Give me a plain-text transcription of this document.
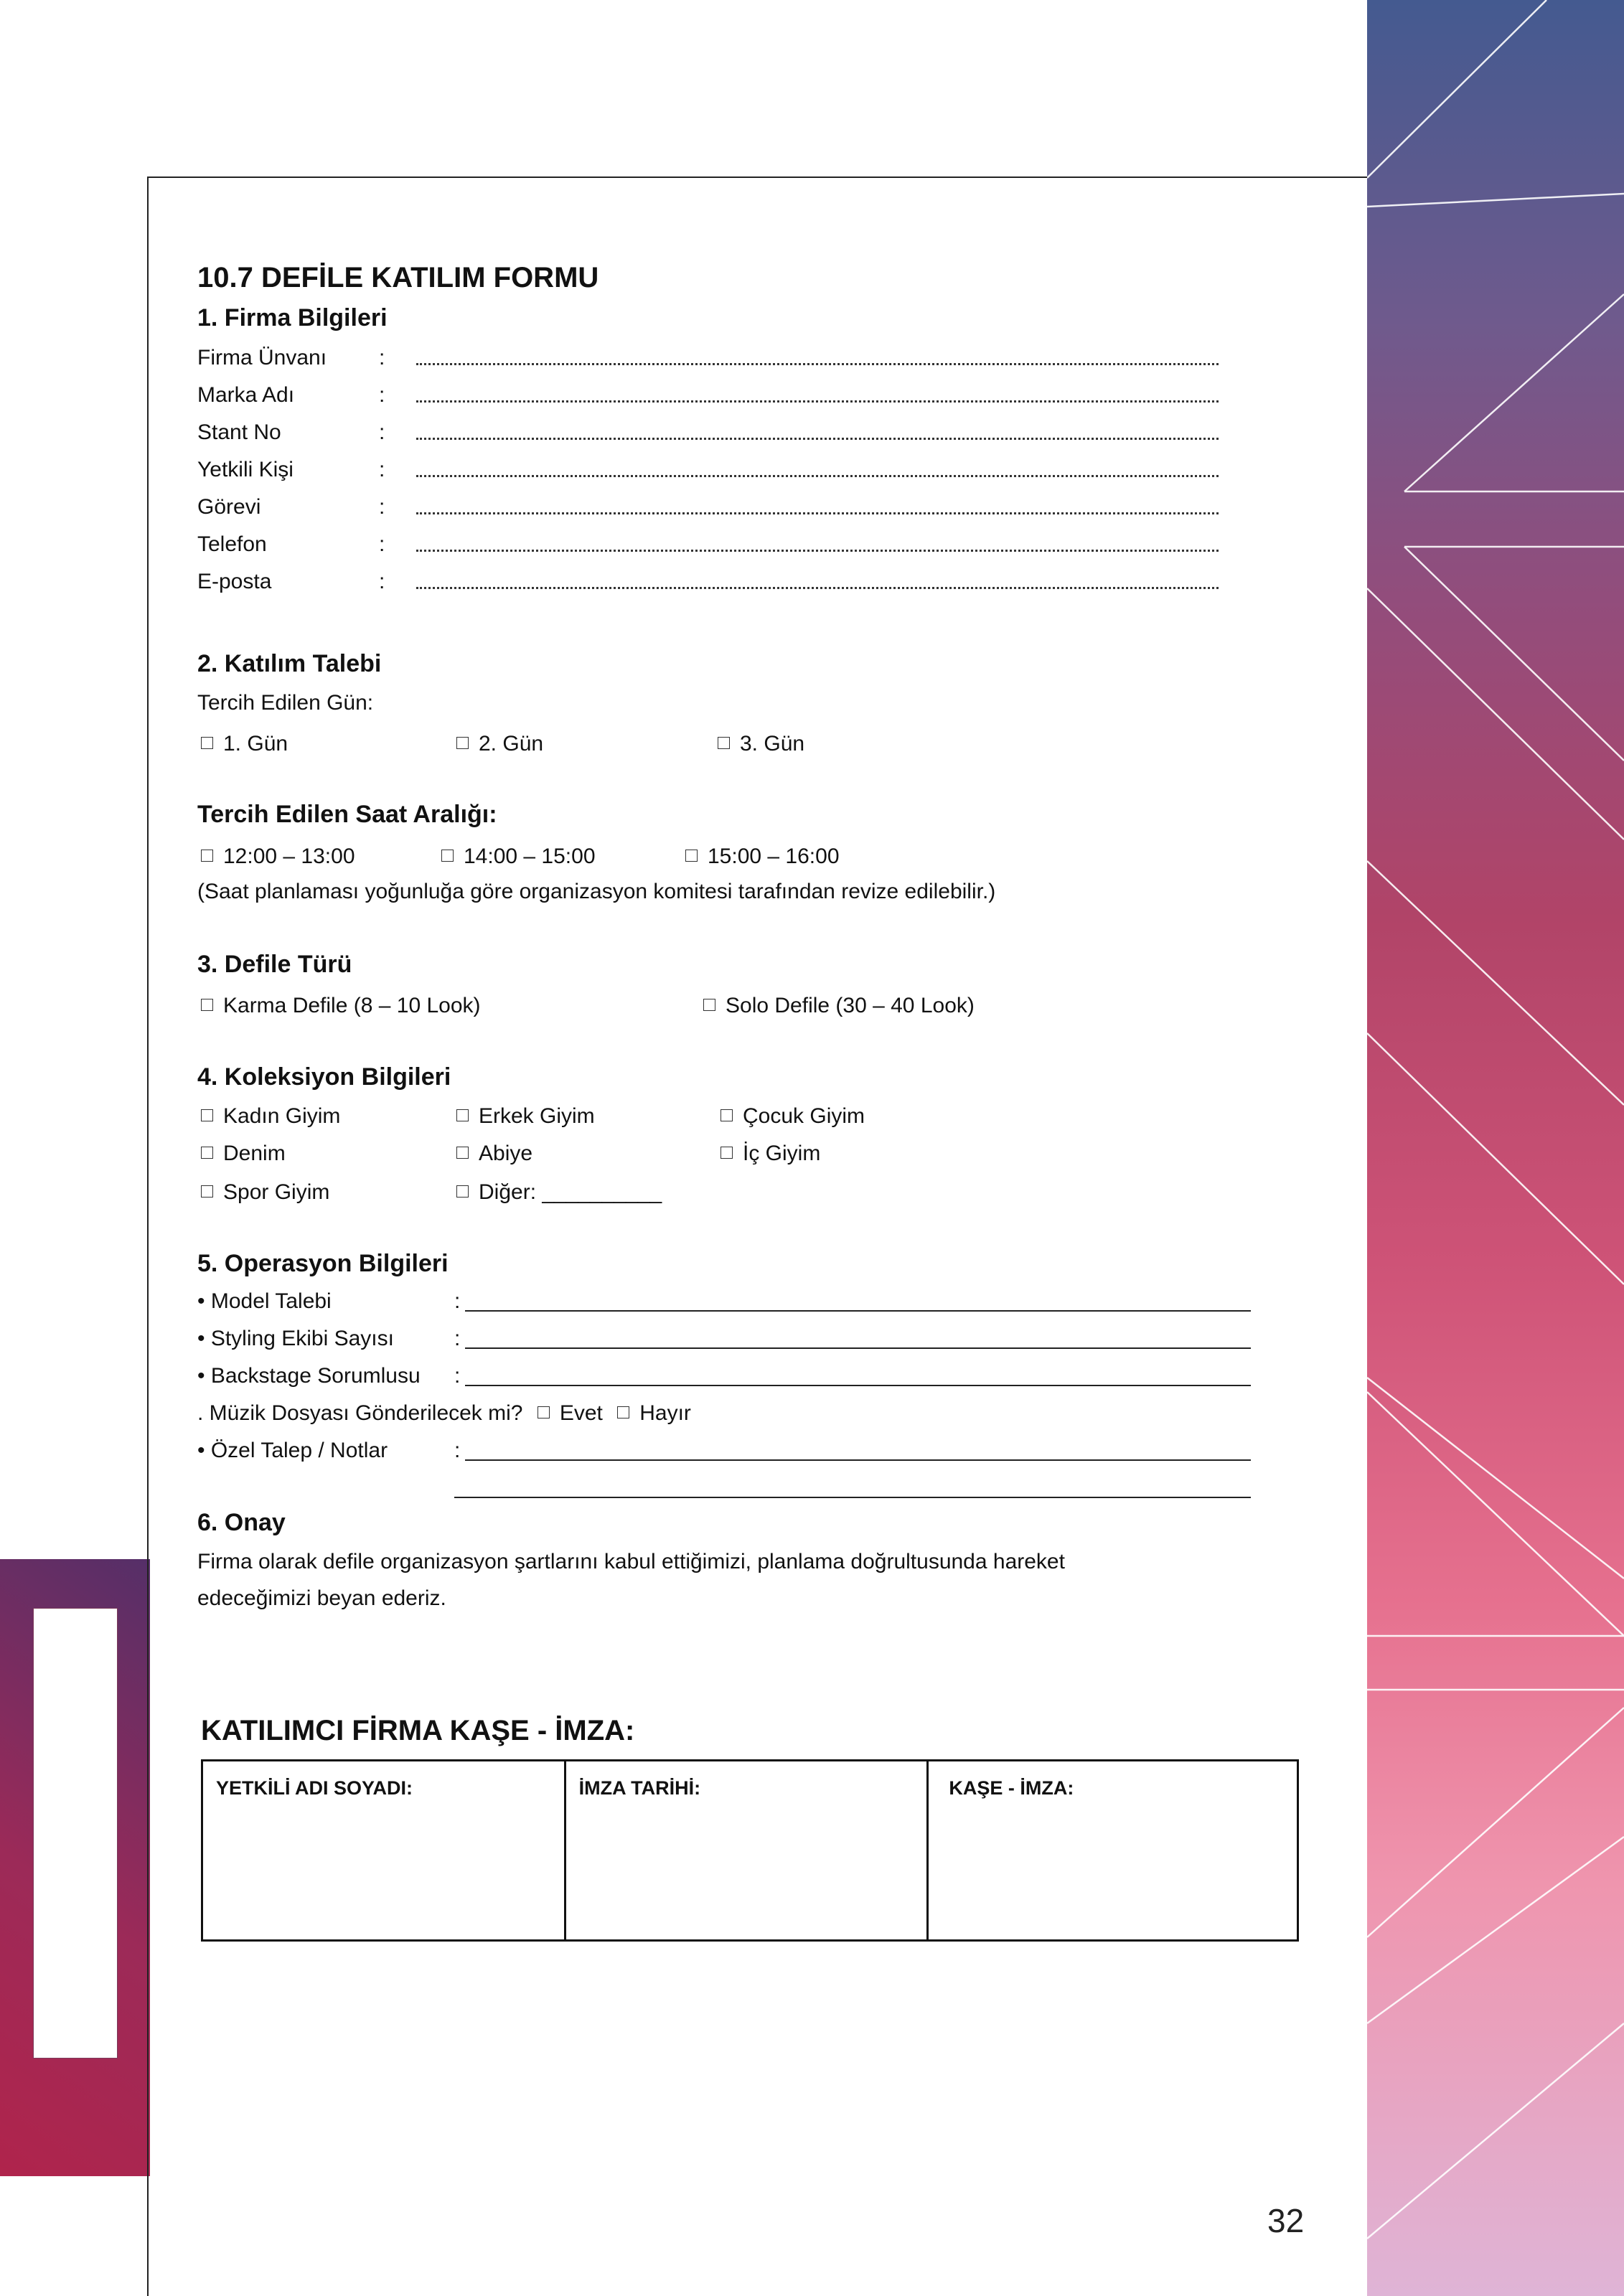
10.7 DEFİLE KATILIM FORMU
1. Firma Bilgileri
Firma Ünvanı :
Marka Adı	:
Stant No	:
Yetkili Kişi	:
Görevi	:
Telefon	:
E-posta	:
2. Katılım Talebi
Tercih Edilen Gün:
1. Gün	2. Gün	3. Gün
Tercih Edilen Saat Aralığı:
12:00 – 13:00	14:00 – 15:00	15:00 – 16:00
(Saat planlaması yoğunluğa göre organizasyon komitesi tarafından revize edilebilir.)
3. Defile Türü
Karma Defile (8 – 10 Look)	Solo Defile (30 – 40 Look)
4. Koleksiyon Bilgileri
Kadın Giyim	Erkek Giyim	Çocuk Giyim
Denim	Abiye	İç Giyim
Spor Giyim	Diğer: __________
5. Operasyon Bilgileri
• Model Talebi	:
• Styling Ekibi Sayısı	:
• Backstage Sorumlusu :
. Müzik Dosyası Gönderilecek mi? Evet Hayır
• Özel Talep / Notlar	:
6. Onay
Firma olarak defile organizasyon şartlarını kabul ettiğimizi, planlama doğrultusunda hareket
edeceğimizi beyan ederiz.
KATILIMCI FİRMA KAŞE - İMZA:
YETKİLİ ADI SOYADI:	İMZA TARİHİ:	KAŞE - İMZA:
32
